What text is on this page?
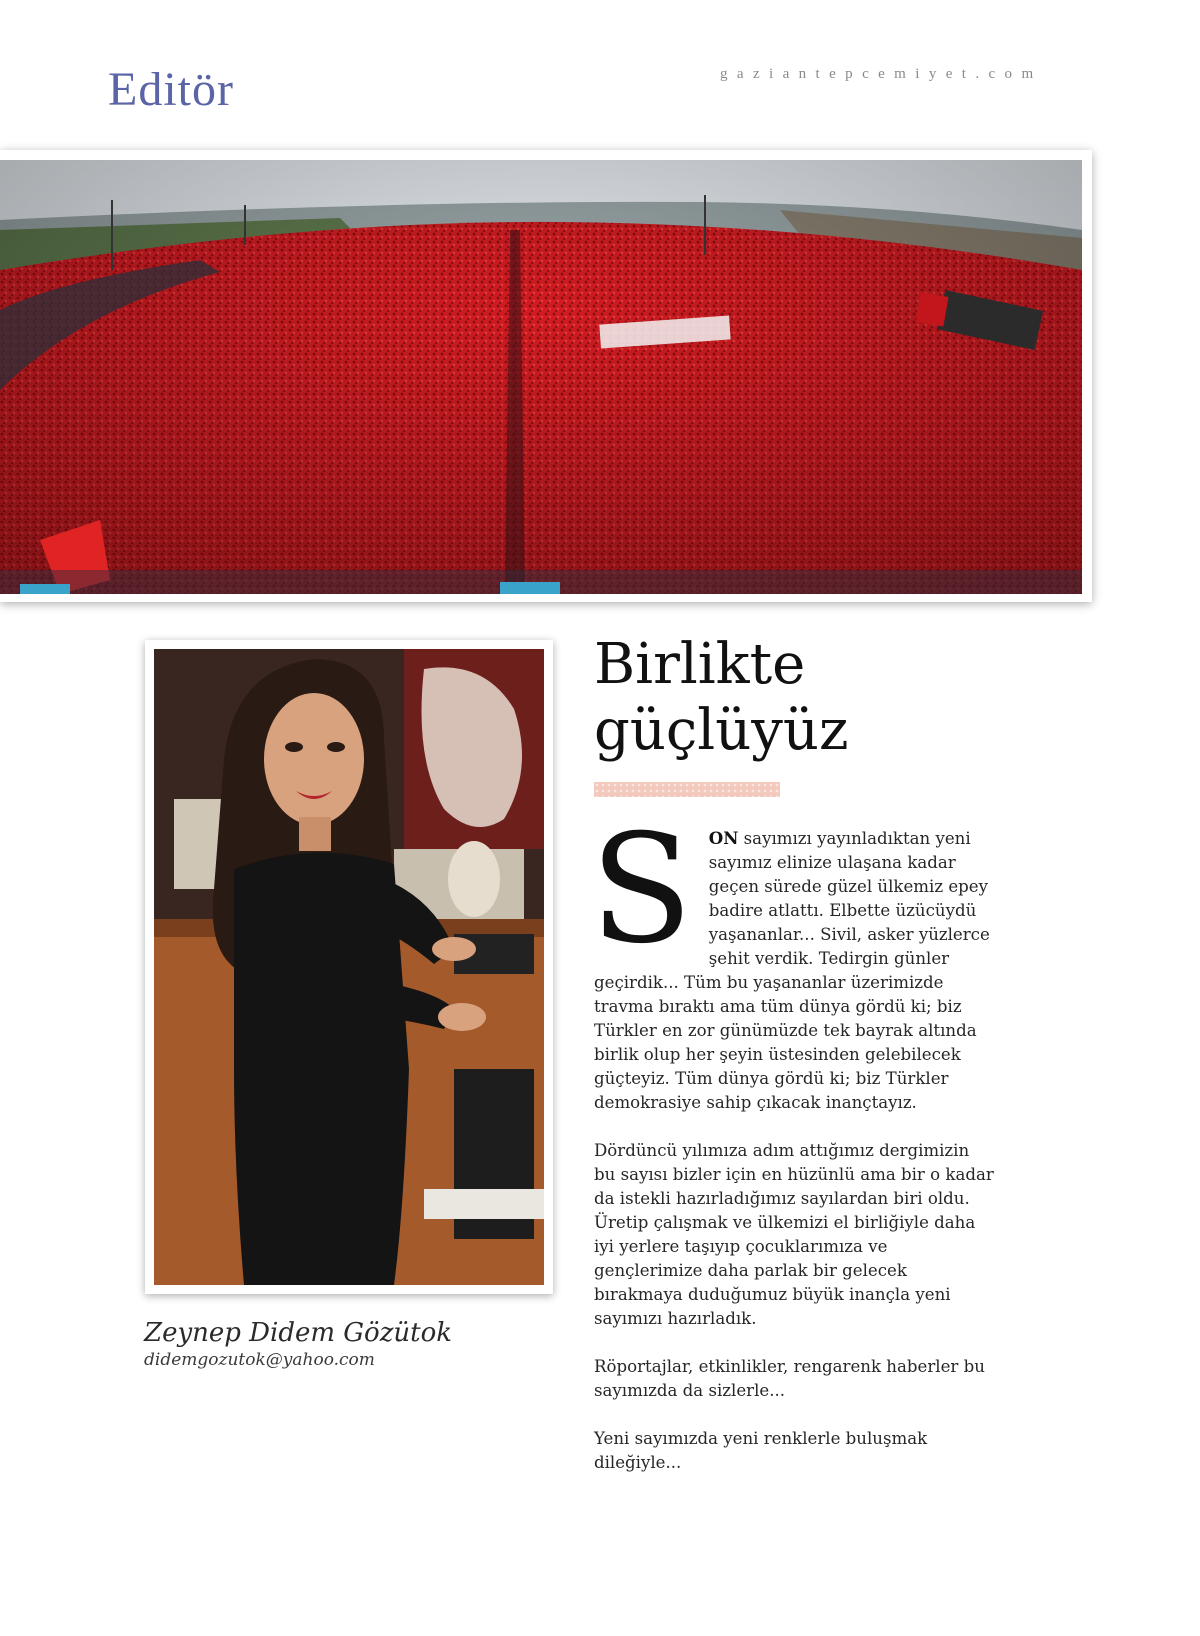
Editör	gaziantepcemiyet.com
Zeynep Didem Gözütok
didemgozutok@yahoo.com
Birlikte
güçlüyüz

SON sayımızı yayınladıktan yeni sayımız elinize ulaşana kadar geçen sürede güzel ülkemiz epey badire atlattı. Elbette üzücüydü yaşananlar... Sivil, asker yüzlerce şehit verdik. Tedirgin günler geçirdik... Tüm bu yaşananlar üzerimizde travma bıraktı ama tüm dünya gördü ki; biz Türkler en zor günümüzde tek bayrak altında birlik olup her şeyin üstesinden gelebilecek güçteyiz. Tüm dünya gördü ki; biz Türkler demokrasiye sahip çıkacak inançtayız.

Dördüncü yılımıza adım attığımız dergimizin bu sayısı bizler için en hüzünlü ama bir o kadar da istekli hazırladığımız sayılardan biri oldu. Üretip çalışmak ve ülkemizi el birliğiyle daha iyi yerlere taşıyıp çocuklarımıza ve gençlerimize daha parlak bir gelecek bırakmaya duduğumuz büyük inançla yeni sayımızı hazırladık.

Röportajlar, etkinlikler, rengarenk haberler bu sayımızda da sizlerle...

Yeni sayımızda yeni renklerle buluşmak dileğiyle...
